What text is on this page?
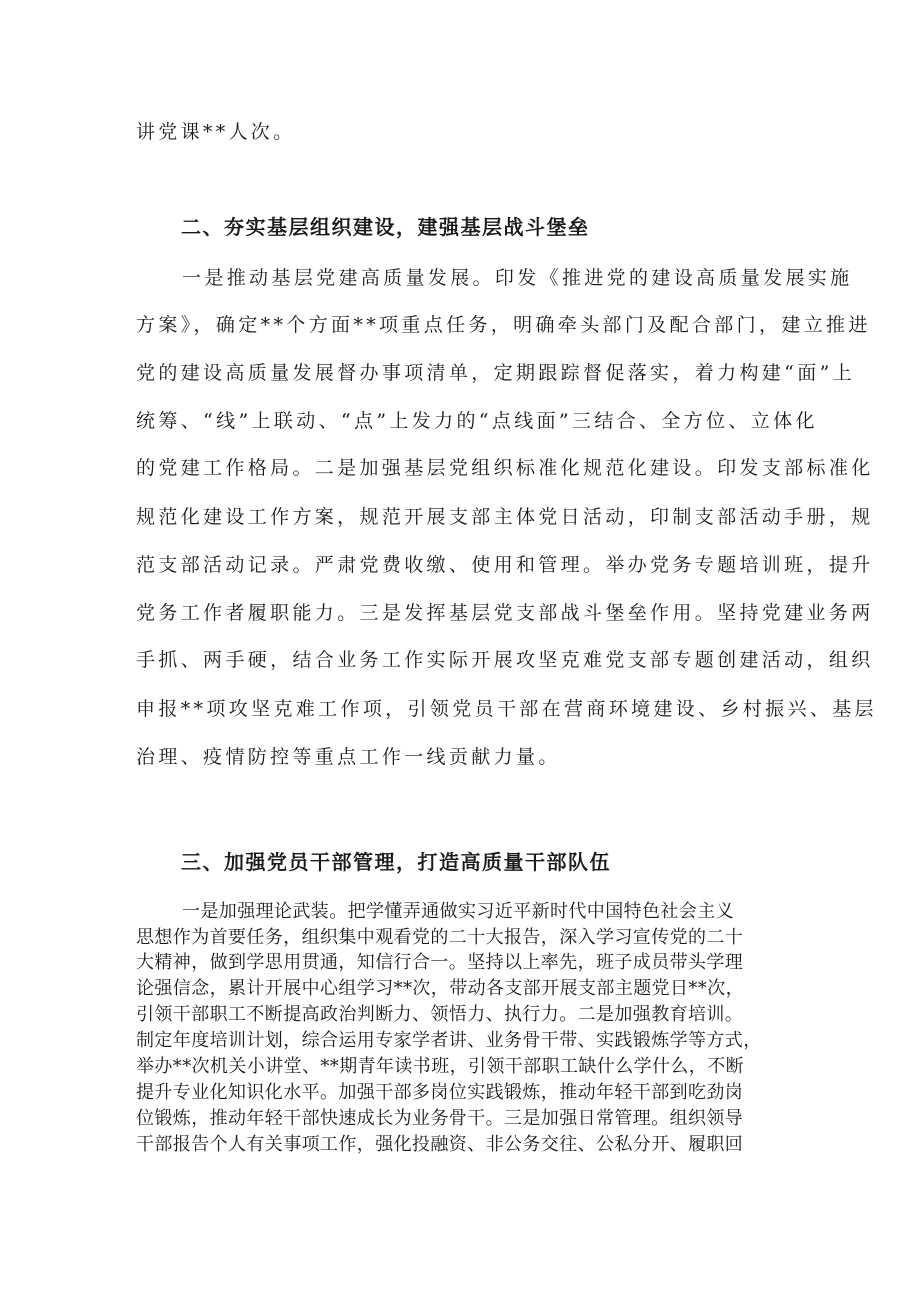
讲党课**人次。
二、夯实基层组织建设，建强基层战斗堡垒
一是推动基层党建高质量发展。印发《推进党的建设高质量发展实施
方案》，确定**个方面**项重点任务，明确牵头部门及配合部门，建立推进
党的建设高质量发展督办事项清单，定期跟踪督促落实，着力构建“面”上
统筹、“线”上联动、“点”上发力的“点线面”三结合、全方位、立体化
的党建工作格局。二是加强基层党组织标准化规范化建设。印发支部标准化
规范化建设工作方案，规范开展支部主体党日活动，印制支部活动手册，规
范支部活动记录。严肃党费收缴、使用和管理。举办党务专题培训班，提升
党务工作者履职能力。三是发挥基层党支部战斗堡垒作用。坚持党建业务两
手抓、两手硬，结合业务工作实际开展攻坚克难党支部专题创建活动，组织
申报**项攻坚克难工作项，引领党员干部在营商环境建设、乡村振兴、基层
治理、疫情防控等重点工作一线贡献力量。
三、加强党员干部管理，打造高质量干部队伍
一是加强理论武装。把学懂弄通做实习近平新时代中国特色社会主义
思想作为首要任务，组织集中观看党的二十大报告，深入学习宣传党的二十
大精神，做到学思用贯通，知信行合一。坚持以上率先，班子成员带头学理
论强信念，累计开展中心组学习**次，带动各支部开展支部主题党日**次，
引领干部职工不断提高政治判断力、领悟力、执行力。二是加强教育培训。
制定年度培训计划，综合运用专家学者讲、业务骨干带、实践锻炼学等方式，
举办**次机关小讲堂、**期青年读书班，引领干部职工缺什么学什么，不断
提升专业化知识化水平。加强干部多岗位实践锻炼，推动年轻干部到吃劲岗
位锻炼，推动年轻干部快速成长为业务骨干。三是加强日常管理。组织领导
干部报告个人有关事项工作，强化投融资、非公务交往、公私分开、履职回
